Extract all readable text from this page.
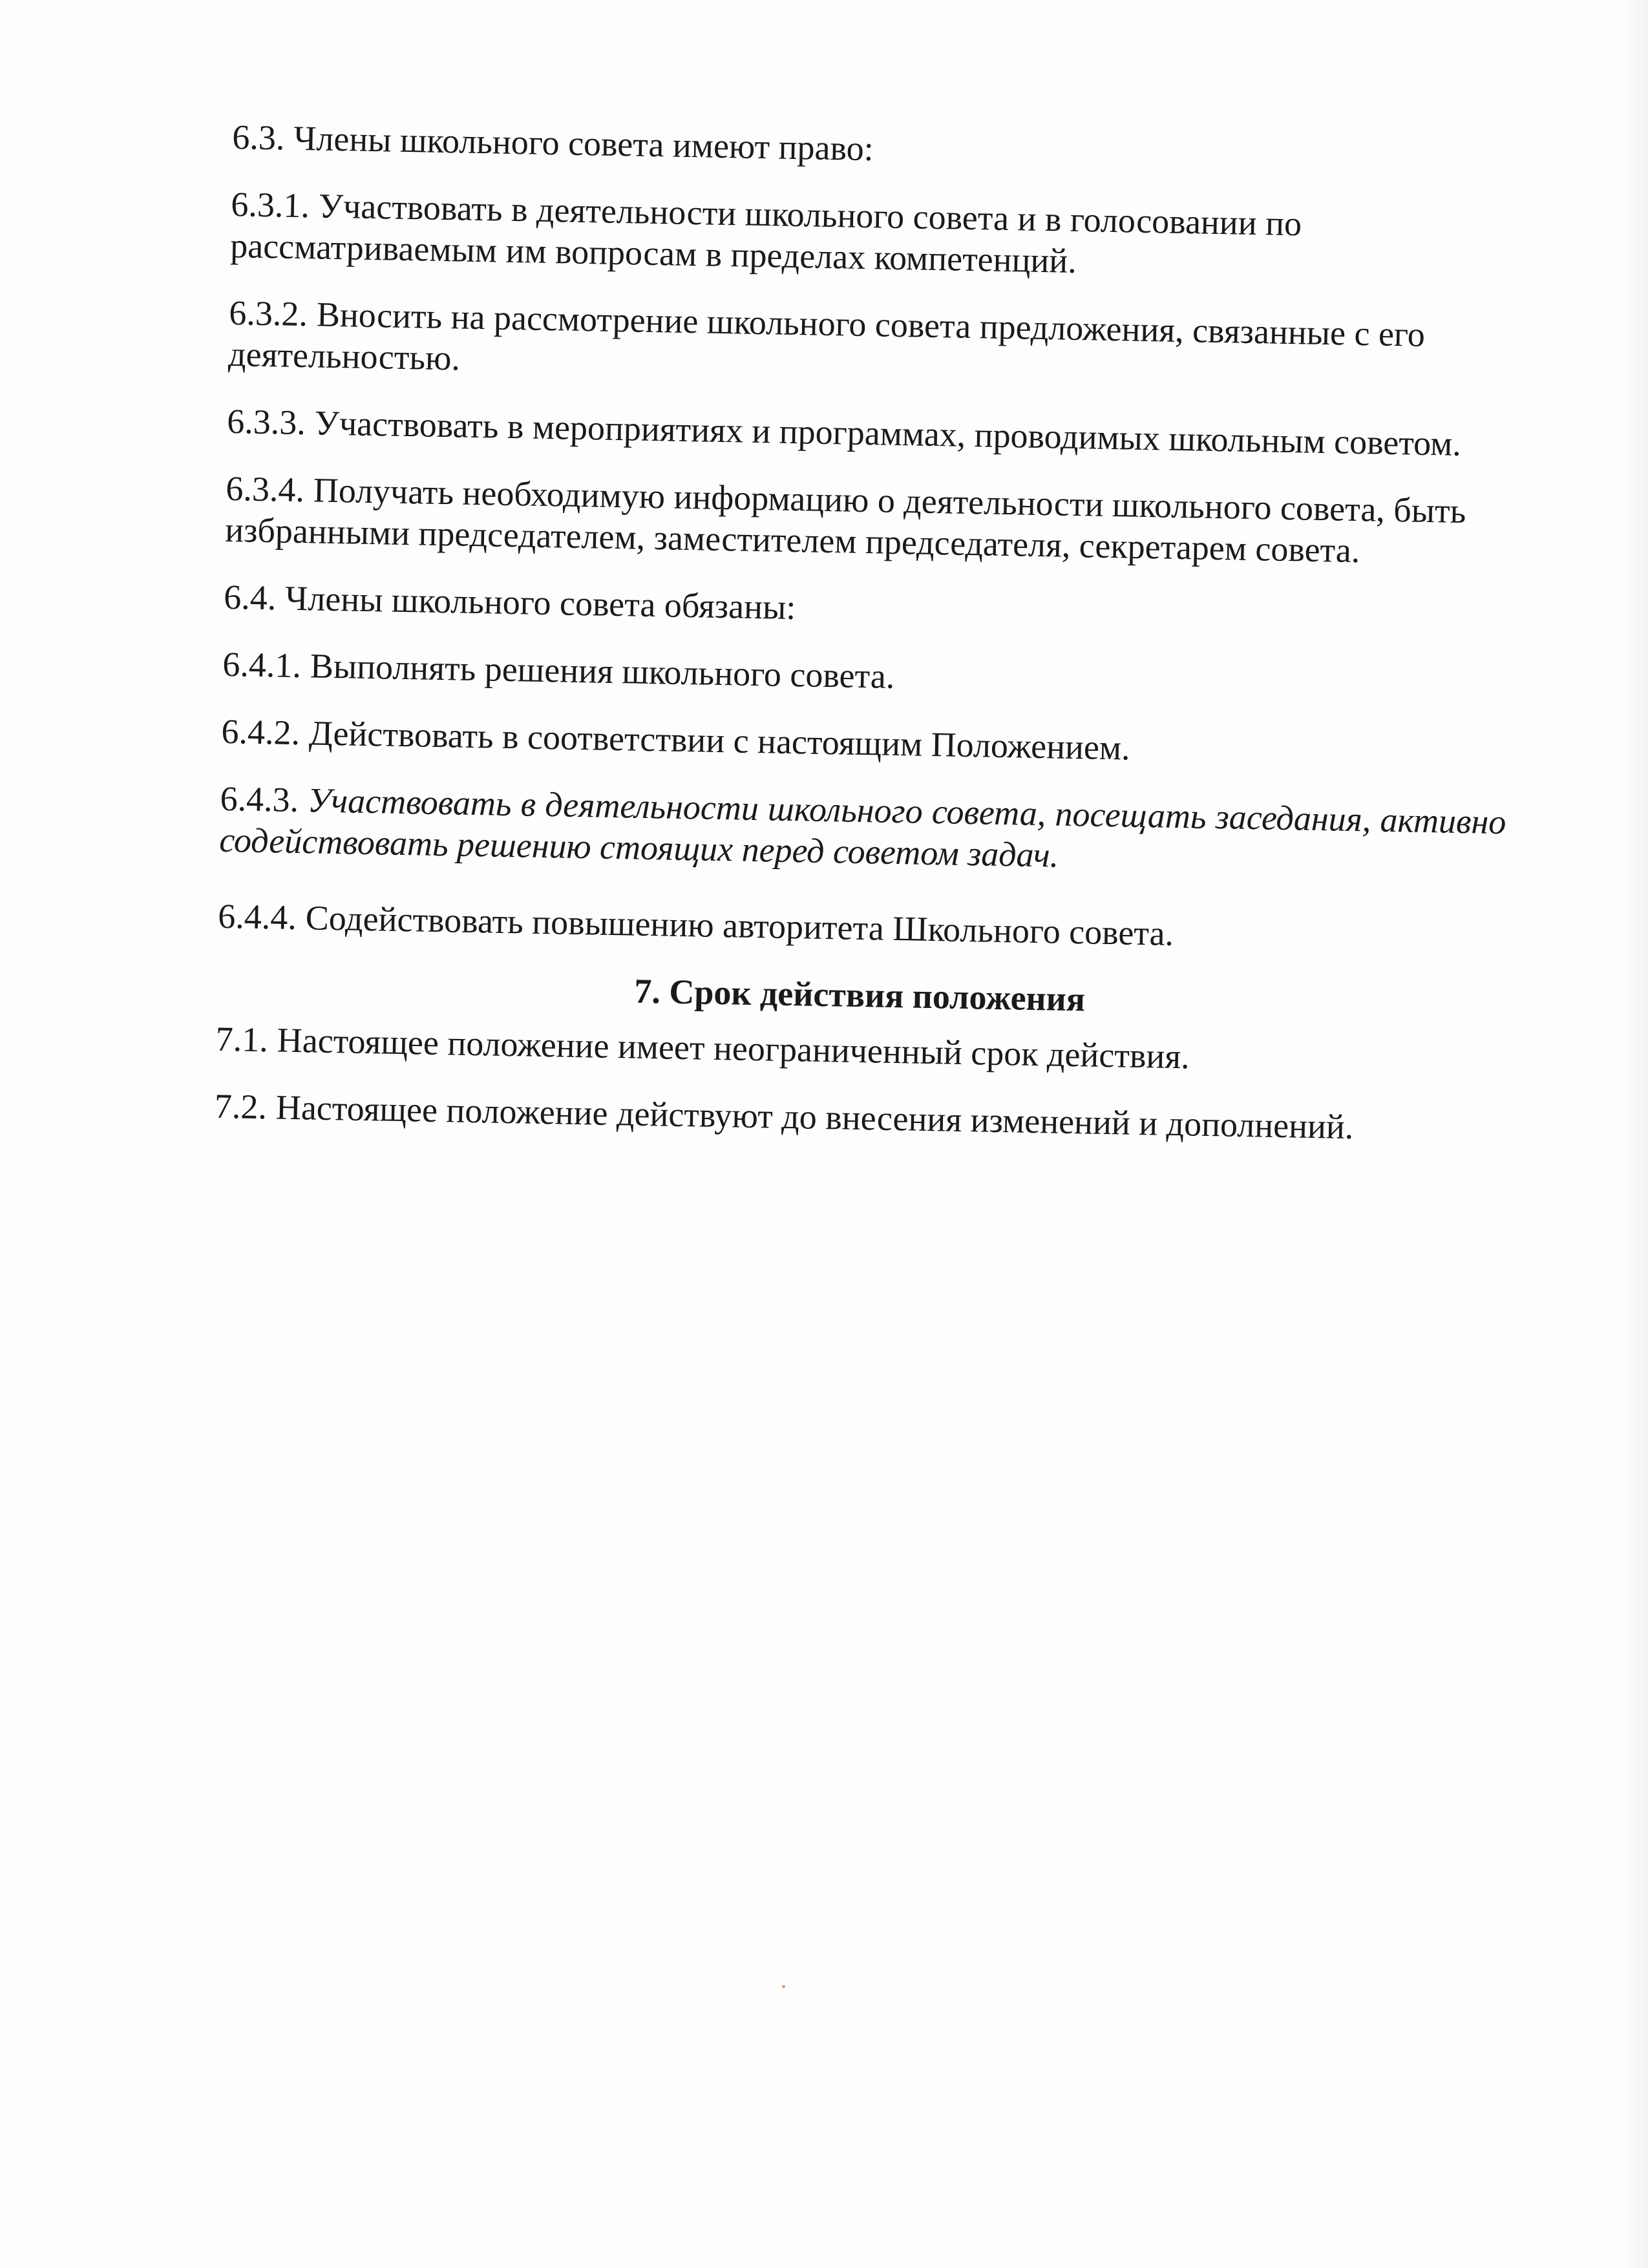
6.3. Члены школьного совета имеют право:

6.3.1. Участвовать в деятельности школьного совета и в голосовании по рассматриваемым им вопросам в пределах компетенций.

6.3.2. Вносить на рассмотрение школьного совета предложения, связанные с его деятельностью.

6.3.3. Участвовать в мероприятиях и программах, проводимых школьным советом.

6.3.4. Получать необходимую информацию о деятельности школьного совета, быть избранными председателем, заместителем председателя, секретарем совета.

6.4. Члены школьного совета обязаны:

6.4.1. Выполнять решения школьного совета.

6.4.2. Действовать в соответствии с настоящим Положением.

6.4.3. Участвовать в деятельности школьного совета, посещать заседания, активно содействовать решению стоящих перед советом задач.

6.4.4. Содействовать повышению авторитета Школьного совета.

7. Срок действия положения

7.1. Настоящее положение имеет неограниченный срок действия.

7.2. Настоящее положение действуют до внесения изменений и дополнений.
